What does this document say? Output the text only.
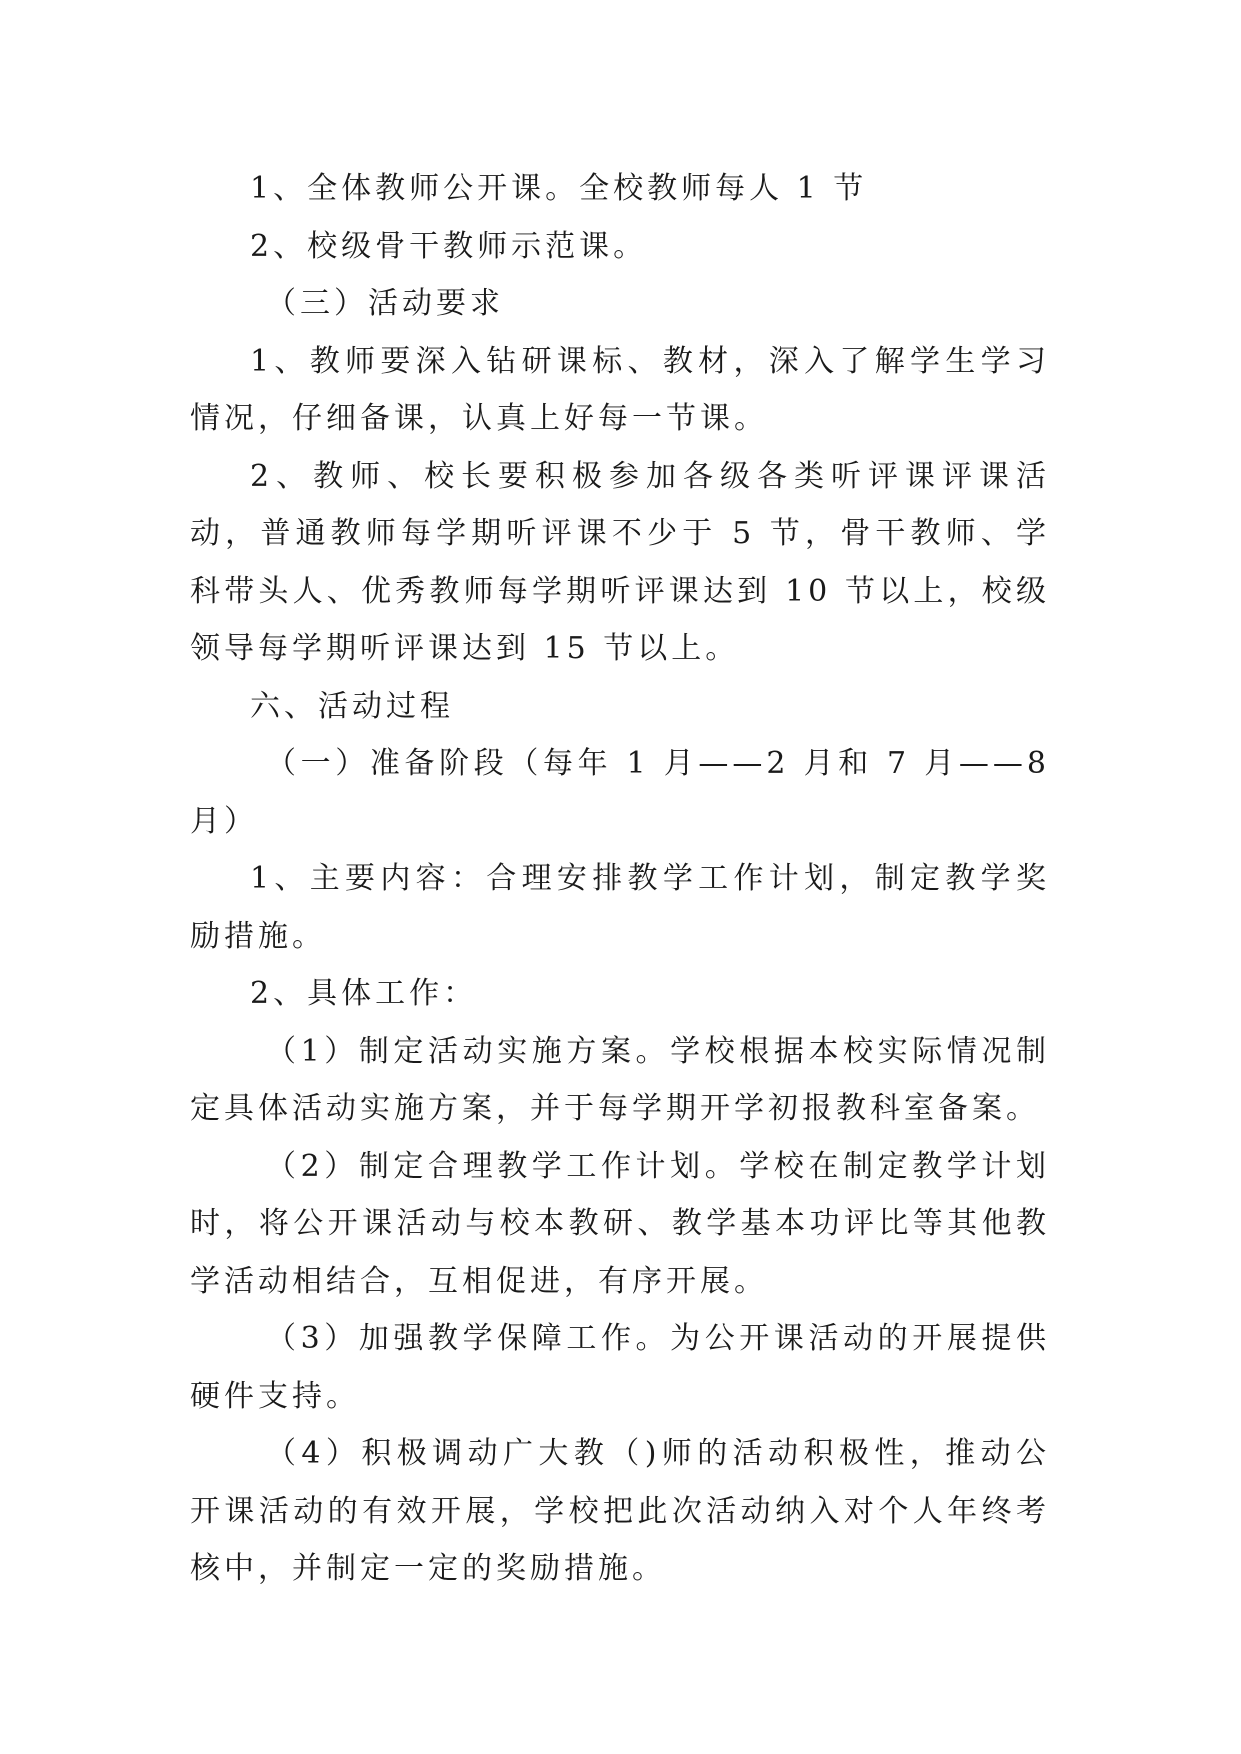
1、全体教师公开课。全校教师每人 1 节

2、校级骨干教师示范课。

（三）活动要求

1、教师要深入钻研课标、教材，深入了解学生学习情况，仔细备课，认真上好每一节课。

2、教师、校长要积极参加各级各类听评课评课活动，普通教师每学期听评课不少于 5 节，骨干教师、学科带头人、优秀教师每学期听评课达到 10 节以上，校级领导每学期听评课达到 15 节以上。

六、活动过程

（一）准备阶段（每年 1 月——2 月和 7 月——8 月）

1、主要内容：合理安排教学工作计划，制定教学奖励措施。

2、具体工作：

（1）制定活动实施方案。学校根据本校实际情况制定具体活动实施方案，并于每学期开学初报教科室备案。

（2）制定合理教学工作计划。学校在制定教学计划时，将公开课活动与校本教研、教学基本功评比等其他教学活动相结合，互相促进，有序开展。

（3）加强教学保障工作。为公开课活动的开展提供硬件支持。

（4）积极调动广大教（)师的活动积极性，推动公开课活动的有效开展，学校把此次活动纳入对个人年终考核中，并制定一定的奖励措施。
